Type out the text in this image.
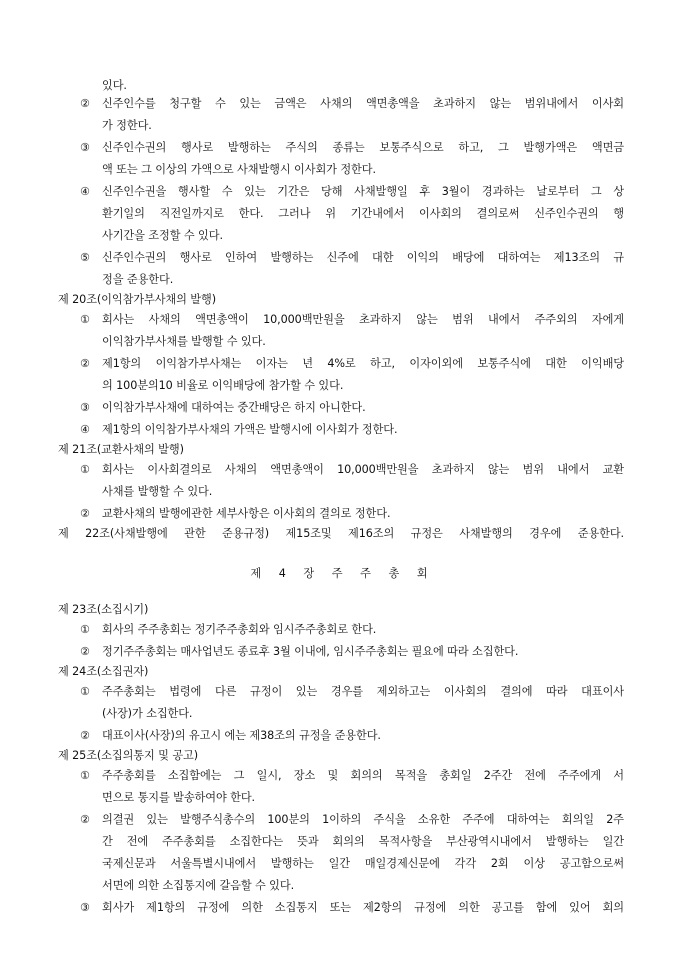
있다.
② 신주인수를 청구할 수 있는 금액은 사채의 액면총액을 초과하지 않는 범위내에서 이사회
가 정한다.
③ 신주인수권의 행사로 발행하는 주식의 종류는 보통주식으로 하고, 그 발행가액은 액면금
액 또는 그 이상의 가액으로 사채발행시 이사회가 정한다.
④ 신주인수권을 행사할 수 있는 기간은 당해 사채발행일 후 3월이 경과하는 날로부터 그 상
환기일의 직전일까지로 한다. 그러나 위 기간내에서 이사회의 결의로써 신주인수권의 행
사기간을 조정할 수 있다.
⑤ 신주인수권의 행사로 인하여 발행하는 신주에 대한 이익의 배당에 대하여는 제13조의 규
정을 준용한다.
제 20조(이익참가부사채의 발행)
① 회사는 사채의 액면총액이 10,000백만원을 초과하지 않는 범위 내에서 주주외의 자에게
이익참가부사채를 발행할 수 있다.
② 제1항의 이익참가부사채는 이자는 년 4%로 하고, 이자이외에 보통주식에 대한 이익배당
의 100분의10 비율로 이익배당에 참가할 수 있다.
③ 이익참가부사채에 대하여는 중간배당은 하지 아니한다.
④ 제1항의 이익참가부사채의 가액은 발행시에 이사회가 정한다.
제 21조(교환사채의 발행)
① 회사는 이사회결의로 사채의 액면총액이 10,000백만원을 초과하지 않는 범위 내에서 교환
사채를 발행할 수 있다.
② 교환사채의 발행에관한 세부사항은 이사회의 결의로 정한다.
제 22조(사채발행에 관한 준용규정) 제15조및 제16조의 규정은 사채발행의 경우에 준용한다.
제 4 장 주 주 총 회
제 23조(소집시기)
① 회사의 주주총회는 정기주주총회와 임시주주총회로 한다.
② 정기주주총회는 매사업년도 종료후 3월 이내에, 임시주주총회는 필요에 따라 소집한다.
제 24조(소집권자)
① 주주총회는 법령에 다른 규정이 있는 경우를 제외하고는 이사회의 결의에 따라 대표이사
(사장)가 소집한다.
② 대표이사(사장)의 유고시 에는 제38조의 규정을 준용한다.
제 25조(소집의통지 및 공고)
① 주주총회를 소집함에는 그 일시, 장소 및 회의의 목적을 총회일 2주간 전에 주주에게 서
면으로 통지를 발송하여야 한다.
② 의결권 있는 발행주식총수의 100분의 1이하의 주식을 소유한 주주에 대하여는 회의일 2주
간 전에 주주총회를 소집한다는 뜻과 회의의 목적사항을 부산광역시내에서 발행하는 일간
국제신문과 서울특별시내에서 발행하는 일간 매일경제신문에 각각 2회 이상 공고함으로써
서면에 의한 소집통지에 갈음할 수 있다.
③ 회사가 제1항의 규정에 의한 소집통지 또는 제2항의 규정에 의한 공고를 함에 있어 회의
